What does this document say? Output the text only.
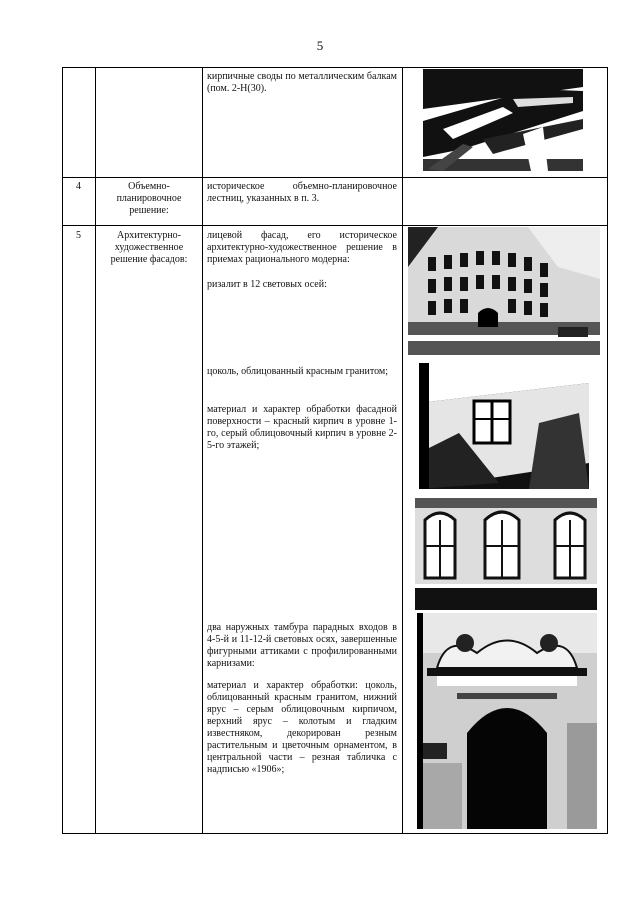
5
кирпичные своды по металлическим балкам (пом. 2-Н(30).
4	Объемно-планировочное решение:
историческое объемно-планировочное лестниц, указанных в п. 3.
5	Архитектурно-художественное решение фасадов:
лицевой фасад, его историческое архитектурно-художественное решение в приемах рационального модерна:
ризалит в 12 световых осей:
цоколь, облицованный красным гранитом;
материал и характер обработки фасадной поверхности – красный кирпич в уровне 1-го, серый облицовочный кирпич в уровне 2-5-го этажей;
два наружных тамбура парадных входов в 4-5-й и 11-12-й световых осях, завершенные фигурными аттиками с профилированными карнизами:
материал и характер обработки: цоколь, облицованный красным гранитом, нижний ярус – серым облицовочным кирпичом, верхний ярус – колотым и гладким известняком, декорирован резным растительным и цветочным орнаментом, в центральной части – резная табличка с надписью «1906»;
